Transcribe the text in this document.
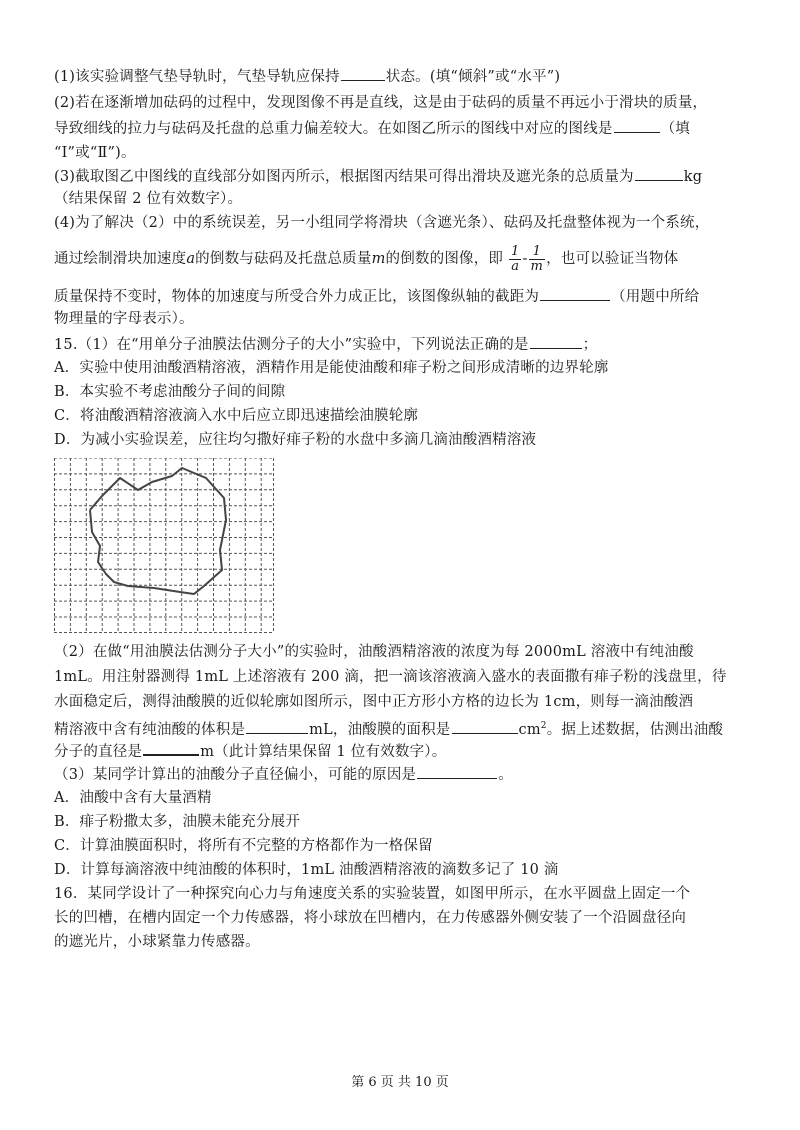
(1)该实验调整气垫导轨时，气垫导轨应保持	状态。(填“倾斜”或“水平”)
(2)若在逐渐增加砝码的过程中，发现图像不再是直线，这是由于砝码的质量不再远小于滑块的质量，
导致细线的拉力与砝码及托盘的总重力偏差较大。在如图乙所示的图线中对应的图线是	（填
“Ⅰ”或“Ⅱ”)。
(3)截取图乙中图线的直线部分如图丙所示，根据图丙结果可得出滑块及遮光条的总质量为	kg
（结果保留 2 位有效数字）。
(4)为了解决（2）中的系统误差，另一小组同学将滑块（含遮光条）、砝码及托盘整体视为一个系统，
通过绘制滑块加速度a的倒数与砝码及托盘总质量m的倒数的图像，即 $\frac{1}{a} - \frac{1}{m}$ ，也可以验证当物体
质量保持不变时，物体的加速度与所受合外力成正比，该图像纵轴的截距为	（用题中所给
物理量的字母表示）。
15.（1）在“用单分子油膜法估测分子的大小”实验中，下列说法正确的是	；
A．实验中使用油酸酒精溶液，酒精作用是能使油酸和痱子粉之间形成清晰的边界轮廓
B．本实验不考虑油酸分子间的间隙
C．将油酸酒精溶液滴入水中后应立即迅速描绘油膜轮廓
D．为减小实验误差，应往均匀撒好痱子粉的水盘中多滴几滴油酸酒精溶液
（2）在做“用油膜法估测分子大小”的实验时，油酸酒精溶液的浓度为每 2000mL 溶液中有纯油酸
1mL。用注射器测得 1mL 上述溶液有 200 滴，把一滴该溶液滴入盛水的表面撒有痱子粉的浅盘里，待
水面稳定后，测得油酸膜的近似轮廓如图所示，图中正方形小方格的边长为 1cm，则每一滴油酸酒
精溶液中含有纯油酸的体积是	mL，油酸膜的面积是	$cm^2$。据上述数据，估测出油酸
分子的直径是	m（此计算结果保留 1 位有效数字）。
（3）某同学计算出的油酸分子直径偏小，可能的原因是	。
A．油酸中含有大量酒精
B．痱子粉撒太多，油膜未能充分展开
C．计算油膜面积时，将所有不完整的方格都作为一格保留
D．计算每滴溶液中纯油酸的体积时，1mL 油酸酒精溶液的滴数多记了 10 滴
16．某同学设计了一种探究向心力与角速度关系的实验装置，如图甲所示，在水平圆盘上固定一个
长的凹槽，在槽内固定一个力传感器，将小球放在凹槽内，在力传感器外侧安装了一个沿圆盘径向
的遮光片，小球紧靠力传感器。
第 6 页 共 10 页
